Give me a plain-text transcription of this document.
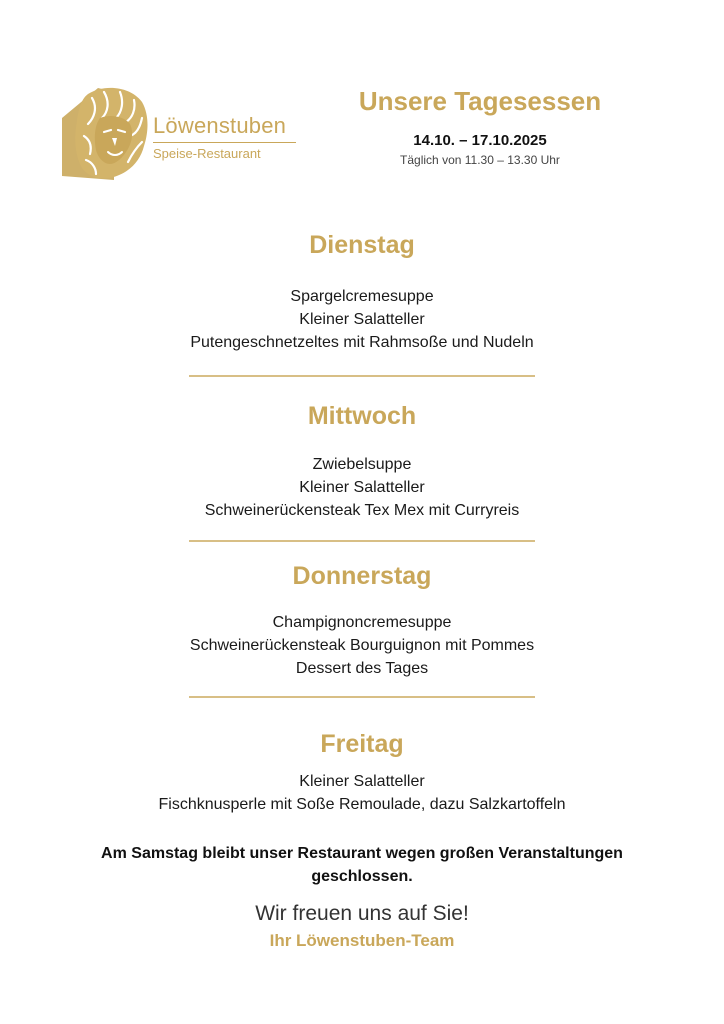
Löwenstuben
Speise-Restaurant
Unsere Tagesessen
14.10. – 17.10.2025
Täglich von 11.30 – 13.30 Uhr
Dienstag
Spargelcremesuppe
Kleiner Salatteller
Putengeschnetzeltes mit Rahmsoße und Nudeln
Mittwoch
Zwiebelsuppe
Kleiner Salatteller
Schweinerückensteak Tex Mex mit Curryreis
Donnerstag
Champignoncremesuppe
Schweinerückensteak Bourguignon mit Pommes
Dessert des Tages
Freitag
Kleiner Salatteller
Fischknusperle mit Soße Remoulade, dazu Salzkartoffeln
Am Samstag bleibt unser Restaurant wegen großen Veranstaltungen geschlossen.
Wir freuen uns auf Sie!
Ihr Löwenstuben-Team
